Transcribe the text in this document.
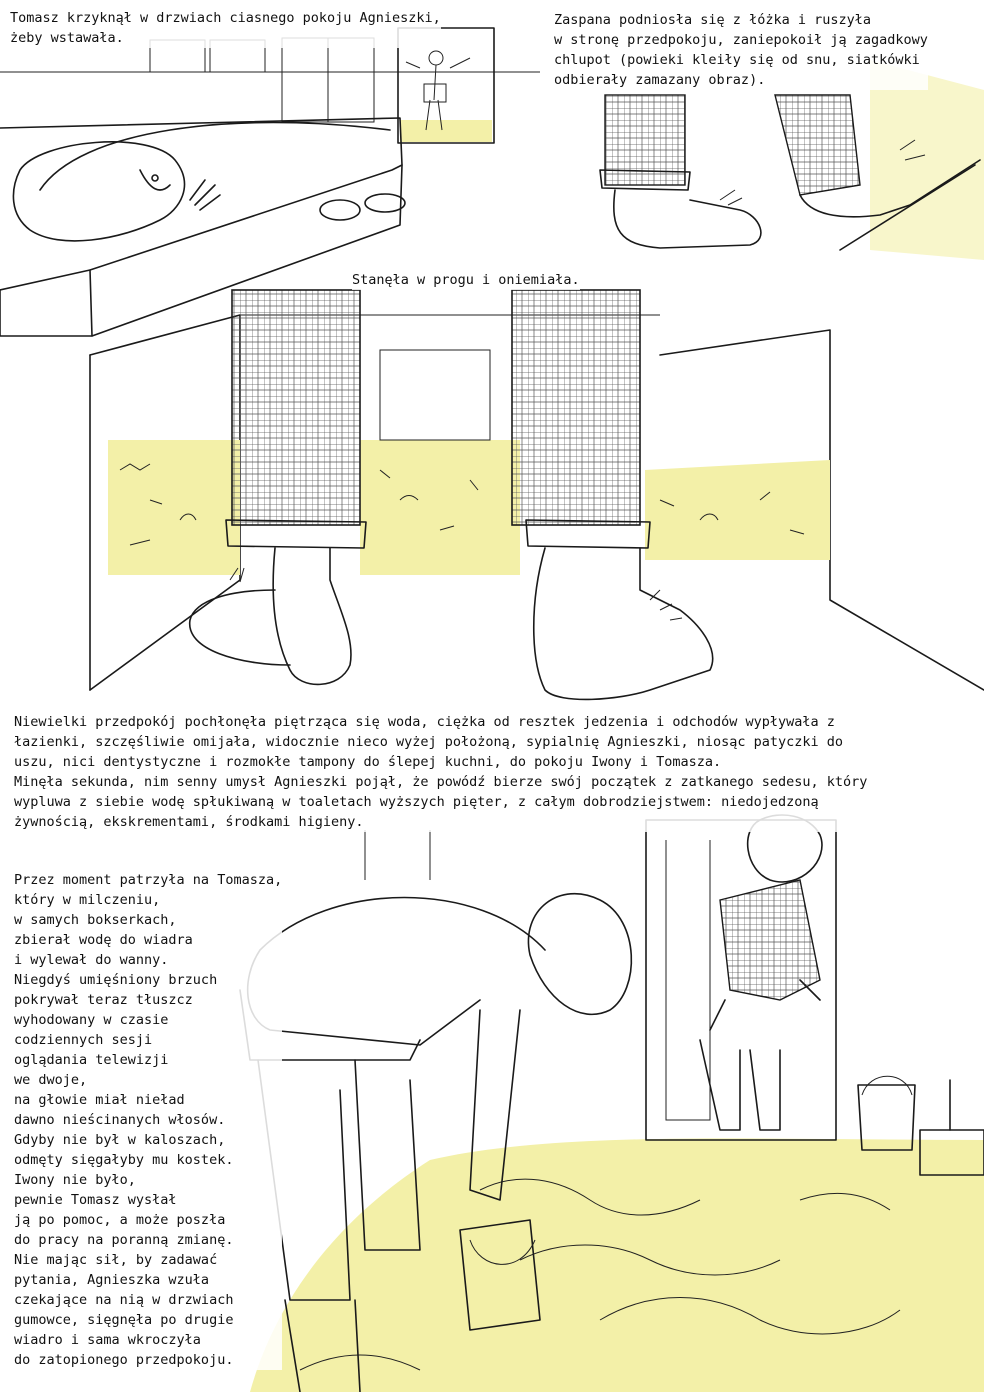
Tomasz krzyknął w drzwiach ciasnego pokoju Agnieszki,
żeby wstawała.
Zaspana podniosła się z łóżka i ruszyła
w stronę przedpokoju, zaniepokoił ją zagadkowy
chlupot (powieki kleiły się od snu, siatkówki
odbierały zamazany obraz).
Stanęła w progu i oniemiała.
Niewielki przedpokój pochłonęła piętrząca się woda, ciężka od resztek jedzenia i odchodów wypływała z
łazienki, szczęśliwie omijała, widocznie nieco wyżej położoną, sypialnię Agnieszki, niosąc patyczki do
uszu, nici dentystyczne i rozmokłe tampony do ślepej kuchni, do pokoju Iwony i Tomasza.
Minęła sekunda, nim senny umysł Agnieszki pojął, że powódź bierze swój początek z zatkanego sedesu, który
wypluwa z siebie wodę spłukiwaną w toaletach wyższych pięter, z całym dobrodziejstwem: niedojedzoną
żywnością, ekskrementami, środkami higieny.
Przez moment patrzyła na Tomasza,
który w milczeniu,
w samych bokserkach,
zbierał wodę do wiadra
i wylewał do wanny.
Niegdyś umięśniony brzuch
pokrywał teraz tłuszcz
wyhodowany w czasie
codziennych sesji
oglądania telewizji
we dwoje,
na głowie miał nieład
dawno nieścinanych włosów.
Gdyby nie był w kaloszach,
odmęty sięgałyby mu kostek.
Iwony nie było,
pewnie Tomasz wysłał
ją po pomoc, a może poszła
do pracy na poranną zmianę.
Nie mając sił, by zadawać
pytania, Agnieszka wzuła
czekające na nią w drzwiach
gumowce, sięgnęła po drugie
wiadro i sama wkroczyła
do zatopionego przedpokoju.
